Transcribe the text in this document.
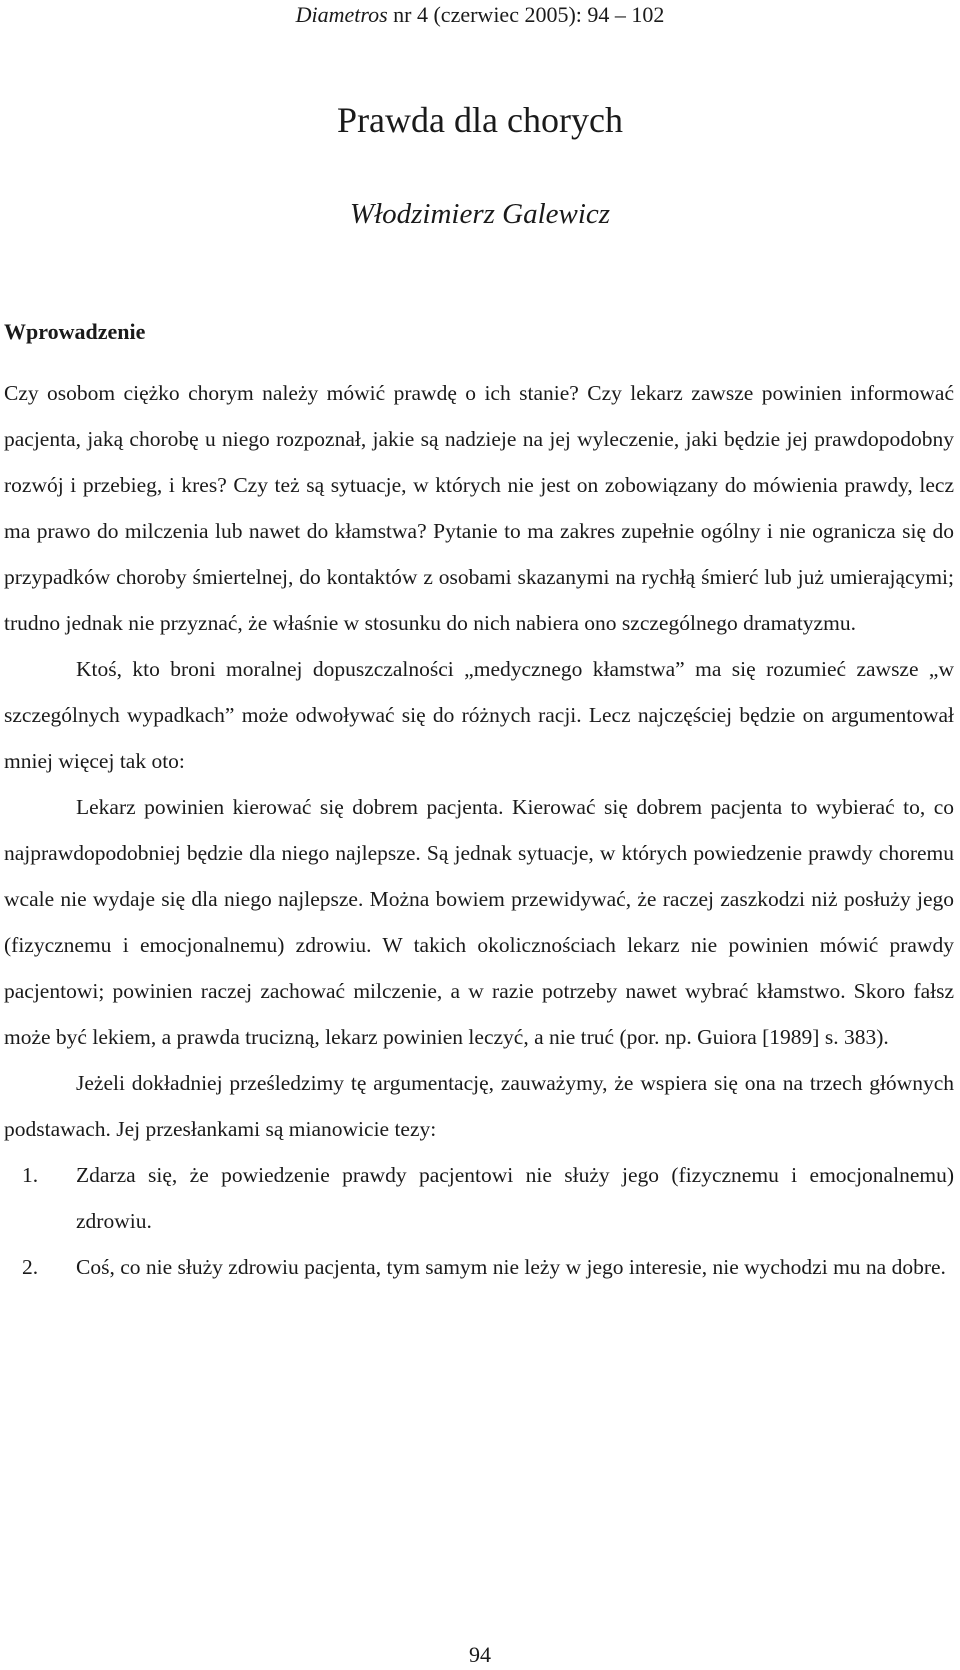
Diametros nr 4 (czerwiec 2005): 94 – 102
Prawda dla chorych
Włodzimierz Galewicz
Wprowadzenie

Czy osobom ciężko chorym należy mówić prawdę o ich stanie? Czy lekarz zawsze powinien informować pacjenta, jaką chorobę u niego rozpoznał, jakie są nadzieje na jej wyleczenie, jaki będzie jej prawdopodobny rozwój i przebieg, i kres? Czy też są sytuacje, w których nie jest on zobowiązany do mówienia prawdy, lecz ma prawo do milczenia lub nawet do kłamstwa? Pytanie to ma zakres zupełnie ogólny i nie ogranicza się do przypadków choroby śmiertelnej, do kontaktów z osobami skazanymi na rychłą śmierć lub już umierającymi; trudno jednak nie przyznać, że właśnie w stosunku do nich nabiera ono szczególnego dramatyzmu.

Ktoś, kto broni moralnej dopuszczalności „medycznego kłamstwa” ma się rozumieć zawsze „w szczególnych wypadkach” może odwoływać się do różnych racji. Lecz najczęściej będzie on argumentował mniej więcej tak oto:

Lekarz powinien kierować się dobrem pacjenta. Kierować się dobrem pacjenta to wybierać to, co najprawdopodobniej będzie dla niego najlepsze. Są jednak sytuacje, w których powiedzenie prawdy choremu wcale nie wydaje się dla niego najlepsze. Można bowiem przewidywać, że raczej zaszkodzi niż posłuży jego (fizycznemu i emocjonalnemu) zdrowiu. W takich okolicznościach lekarz nie powinien mówić prawdy pacjentowi; powinien raczej zachować milczenie, a w razie potrzeby nawet wybrać kłamstwo. Skoro fałsz może być lekiem, a prawda trucizną, lekarz powinien leczyć, a nie truć (por. np. Guiora [1989] s. 383).

Jeżeli dokładniej prześledzimy tę argumentację, zauważymy, że wspiera się ona na trzech głównych podstawach. Jej przesłankami są mianowicie tezy:

1. Zdarza się, że powiedzenie prawdy pacjentowi nie służy jego (fizycznemu i emocjonalnemu) zdrowiu.
2. Coś, co nie służy zdrowiu pacjenta, tym samym nie leży w jego interesie, nie wychodzi mu na dobre.
94
